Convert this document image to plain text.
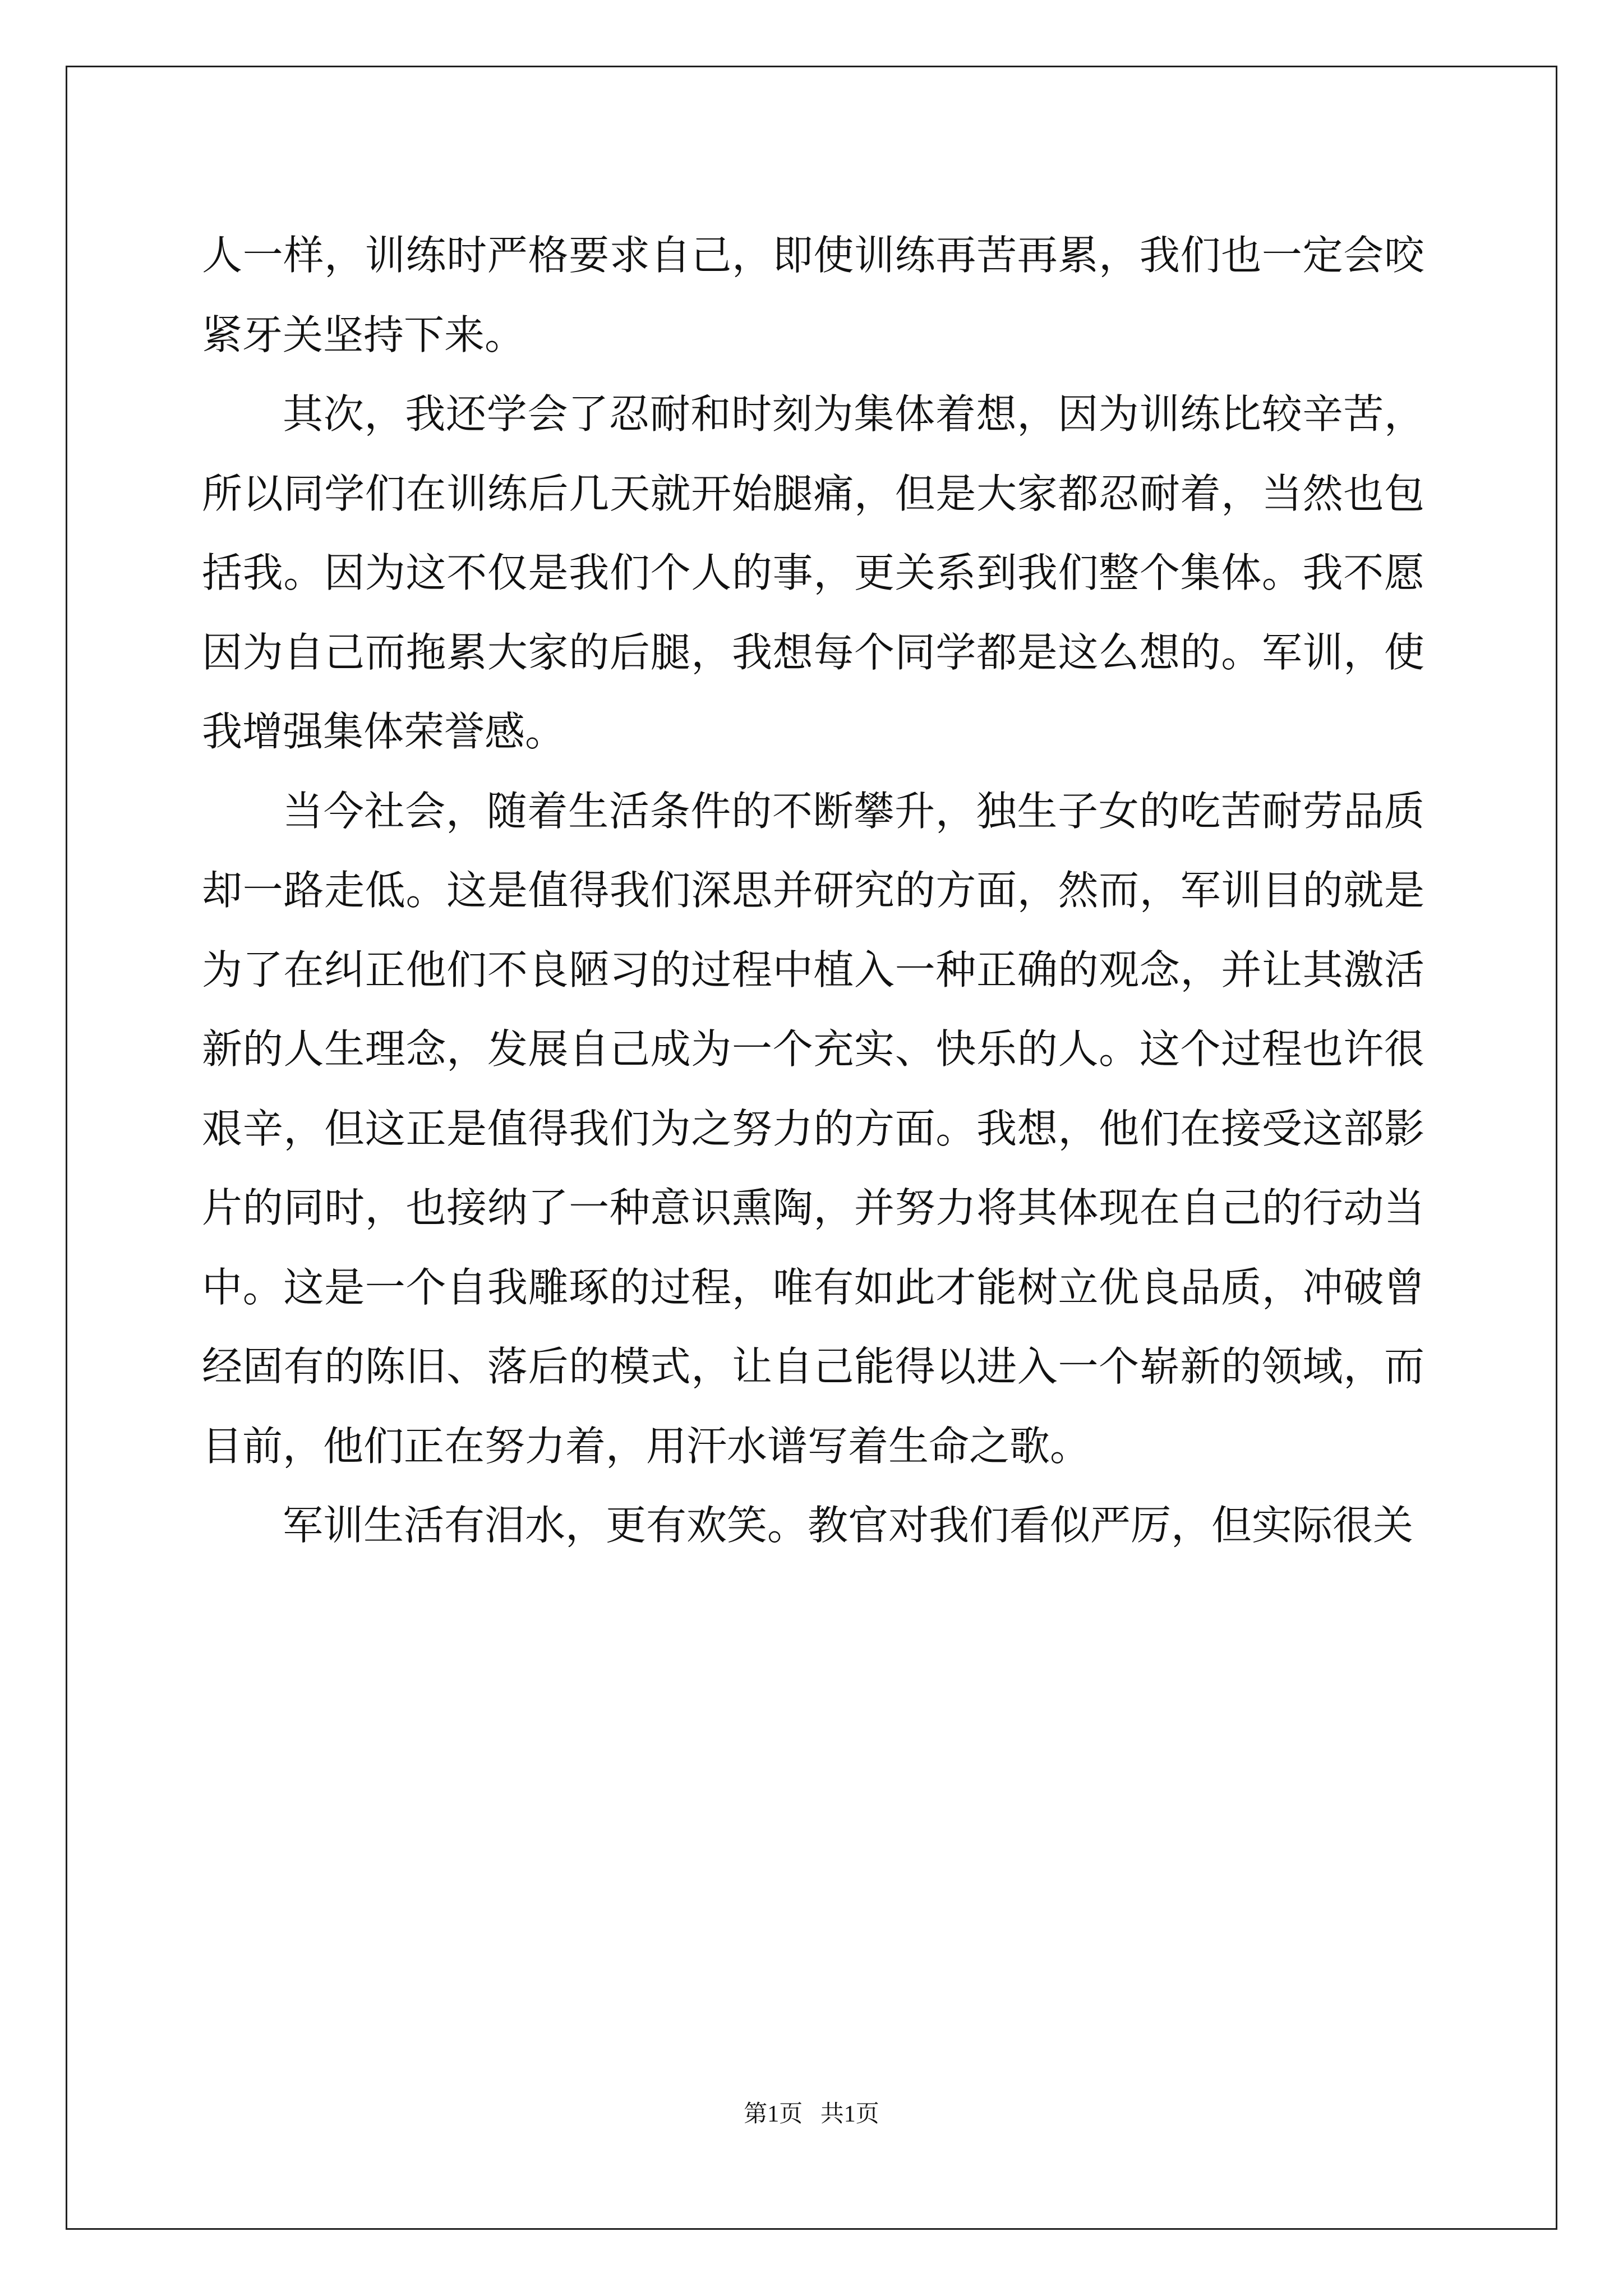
人一样，训练时严格要求自己，即使训练再苦再累，我们也一定会咬紧牙关坚持下来。

其次，我还学会了忍耐和时刻为集体着想，因为训练比较辛苦，所以同学们在训练后几天就开始腿痛，但是大家都忍耐着，当然也包括我。因为这不仅是我们个人的事，更关系到我们整个集体。我不愿因为自己而拖累大家的后腿，我想每个同学都是这么想的。军训，使我增强集体荣誉感。

当今社会，随着生活条件的不断攀升，独生子女的吃苦耐劳品质却一路走低。这是值得我们深思并研究的方面，然而，军训目的就是为了在纠正他们不良陋习的过程中植入一种正确的观念，并让其激活新的人生理念，发展自己成为一个充实、快乐的人。这个过程也许很艰辛，但这正是值得我们为之努力的方面。我想，他们在接受这部影片的同时，也接纳了一种意识熏陶，并努力将其体现在自己的行动当中。这是一个自我雕琢的过程，唯有如此才能树立优良品质，冲破曾经固有的陈旧、落后的模式，让自己能得以进入一个崭新的领域，而目前，他们正在努力着，用汗水谱写着生命之歌。

军训生活有泪水，更有欢笑。教官对我们看似严厉，但实际很关

第1页 共1页
